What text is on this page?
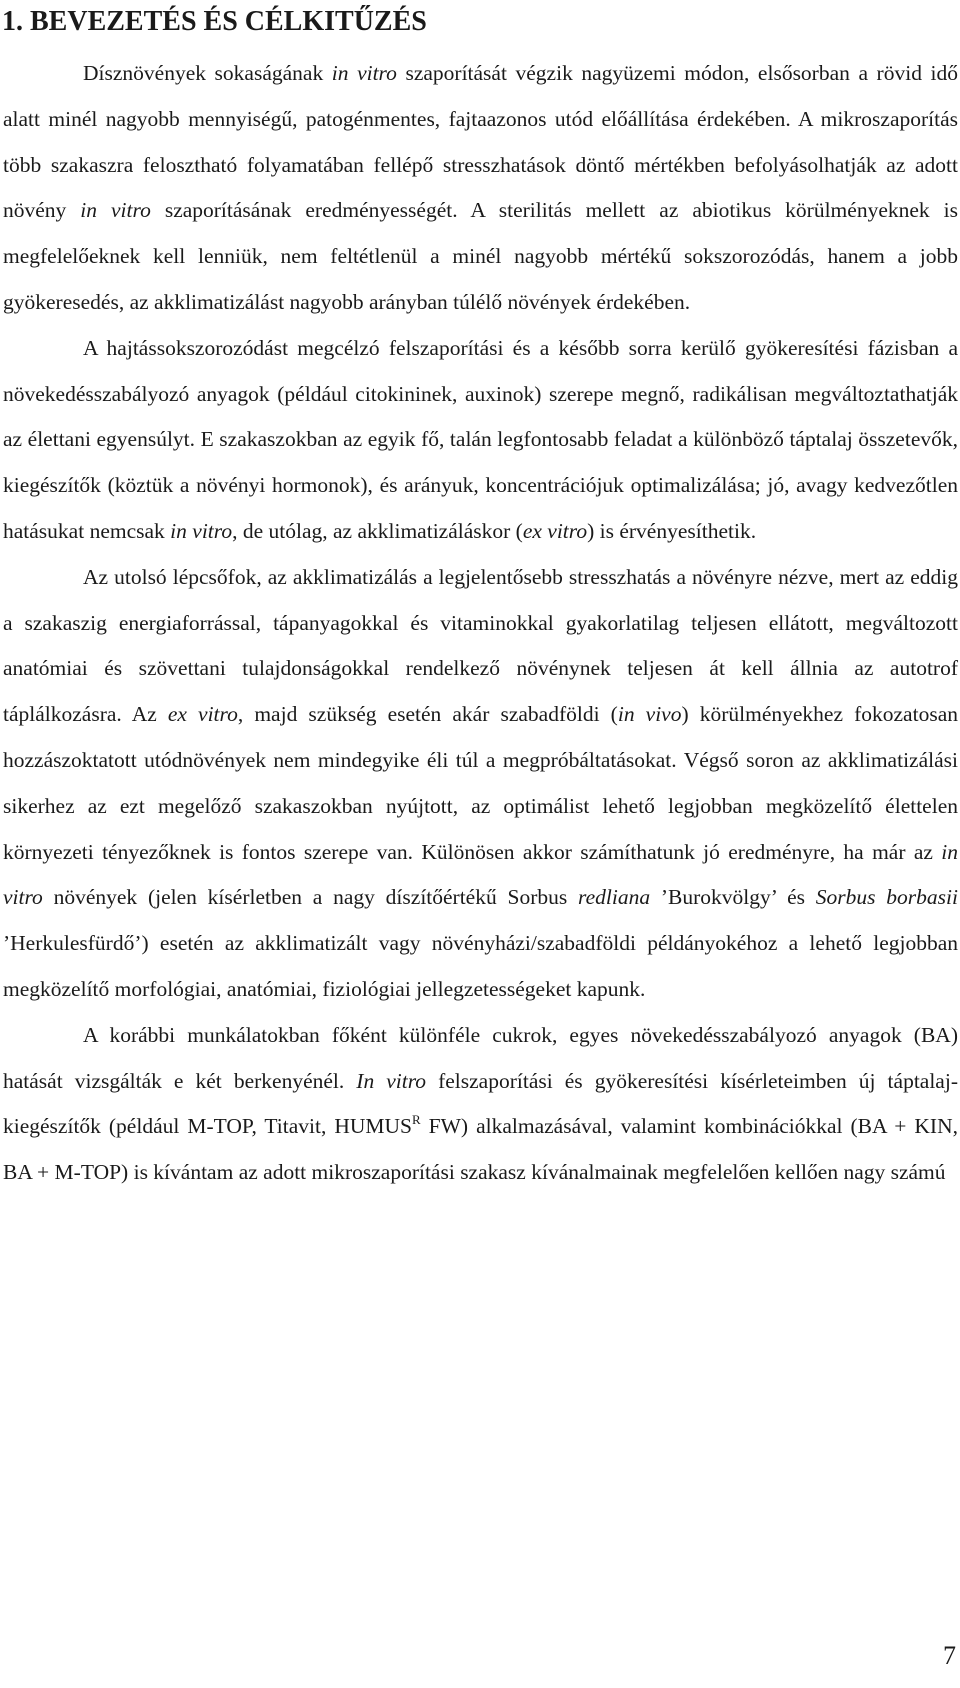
1. BEVEZETÉS ÉS CÉLKITŰZÉS

Dísznövények sokaságának in vitro szaporítását végzik nagyüzemi módon, elsősorban a rövid idő alatt minél nagyobb mennyiségű, patogénmentes, fajtaazonos utód előállítása érdekében. A mikroszaporítás több szakaszra felosztható folyamatában fellépő stresszhatások döntő mértékben befolyásolhatják az adott növény in vitro szaporításának eredményességét. A sterilitás mellett az abiotikus körülményeknek is megfelelőeknek kell lenniük, nem feltétlenül a minél nagyobb mértékű sokszorozódás, hanem a jobb gyökeresedés, az akklimatizálást nagyobb arányban túlélő növények érdekében.

A hajtássokszorozódást megcélzó felszaporítási és a később sorra kerülő gyökeresítési fázisban a növekedésszabályozó anyagok (például citokininek, auxinok) szerepe megnő, radikálisan megváltoztathatják az élettani egyensúlyt. E szakaszokban az egyik fő, talán legfontosabb feladat a különböző táptalaj összetevők, kiegészítők (köztük a növényi hormonok), és arányuk, koncentrációjuk optimalizálása; jó, avagy kedvezőtlen hatásukat nemcsak in vitro, de utólag, az akklimatizáláskor (ex vitro) is érvényesíthetik.

Az utolsó lépcsőfok, az akklimatizálás a legjelentősebb stresszhatás a növényre nézve, mert az eddig a szakaszig energiaforrással, tápanyagokkal és vitaminokkal gyakorlatilag teljesen ellátott, megváltozott anatómiai és szövettani tulajdonságokkal rendelkező növénynek teljesen át kell állnia az autotrof táplálkozásra. Az ex vitro, majd szükség esetén akár szabadföldi (in vivo) körülményekhez fokozatosan hozzászoktatott utódnövények nem mindegyike éli túl a megpróbáltatásokat. Végső soron az akklimatizálási sikerhez az ezt megelőző szakaszokban nyújtott, az optimálist lehető legjobban megközelítő élettelen környezeti tényezőknek is fontos szerepe van. Különösen akkor számíthatunk jó eredményre, ha már az in vitro növények (jelen kísérletben a nagy díszítőértékű Sorbus redliana ’Burokvölgy’ és Sorbus borbasii ’Herkulesfürdő’) esetén az akklimatizált vagy növényházi/szabadföldi példányokéhoz a lehető legjobban megközelítő morfológiai, anatómiai, fiziológiai jellegzetességeket kapunk.

A korábbi munkálatokban főként különféle cukrok, egyes növekedésszabályozó anyagok (BA) hatását vizsgálták e két berkenyénél. In vitro felszaporítási és gyökeresítési kísérleteimben új táptalaj-kiegészítők (például M-TOP, Titavit, $HUMUS^R$ FW) alkalmazásával, valamint kombinációkkal (BA + KIN, BA + M-TOP) is kívántam az adott mikroszaporítási szakasz kívánalmainak megfelelően kellően nagy számú

7
